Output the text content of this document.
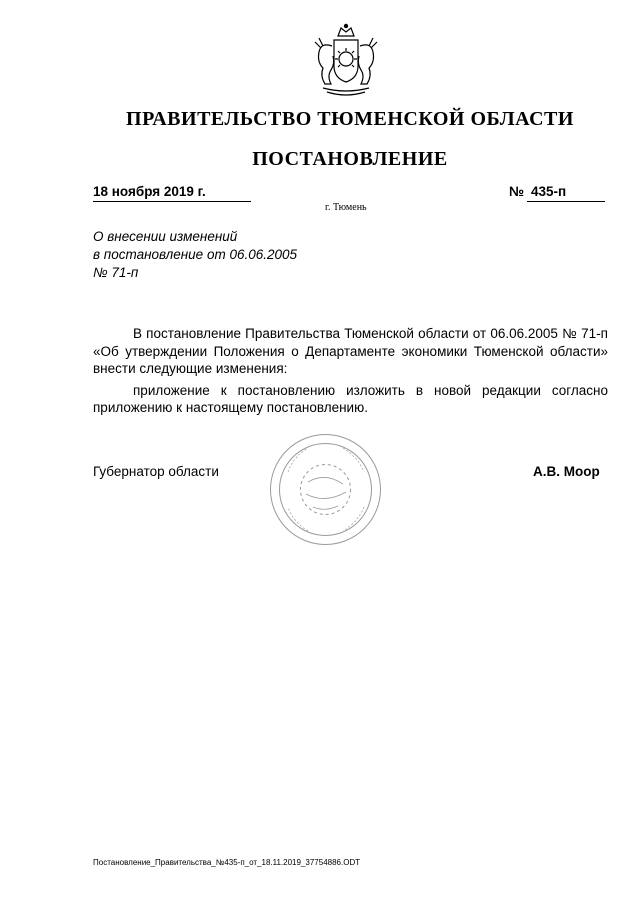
ПРАВИТЕЛЬСТВО ТЮМЕНСКОЙ ОБЛАСТИ
ПОСТАНОВЛЕНИЕ
18 ноября 2019 г.	№ 435-п
г. Тюмень
О внесении изменений
в постановление от 06.06.2005
№ 71-п

В постановление Правительства Тюменской области от 06.06.2005 № 71-п «Об утверждении Положения о Департаменте экономики Тюменской области» внести следующие изменения:

приложение к постановлению изложить в новой редакции согласно приложению к настоящему постановлению.

Губернатор области	А.В. Моор
Постановление_Правительства_№435-п_от_18.11.2019_37754886.ODT
